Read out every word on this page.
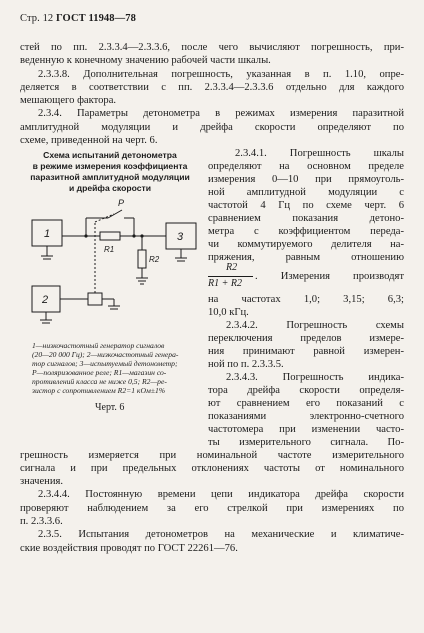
Стр. 12 ГОСТ 11948—78
стей по пп. 2.3.3.4—2.3.3.6, после чего вычисляют погрешность, при-
веденную к конечному значению рабочей части шкалы.
2.3.3.8. Дополнительная погрешность, указанная в п. 1.10, опре-
деляется в соответствии с пп. 2.3.3.4—2.3.3.6 отдельно для каждого
мешающего фактора.
2.3.4. Параметры детонометра в режимах измерения паразитной
амплитудной модуляции и дрейфа скорости определяют по
схеме, приведенной на черт. 6.
Схема испытаний детонометра
в режиме измерения коэффициента
паразитной амплитудной модуляции
и дрейфа скорости
1	3
2
P
R1
R2
1—низкочастотный генератор сигналов
(20—20 000 Гц); 2—низкочастотный генера-
тор сигналов; 3—испытуемый детонометр;
Р—поляризованное реле; R1—магазин со-
противлений класса не ниже 0,5; R2—ре-
зистор с сопротивлением R2=1 кОм±1%
Черт. 6
2.3.4.1. Погрешность шкалы
определяют на основном пределе
измерения 0—10 при прямоуголь-
ной амплитудной модуляции с
частотой 4 Гц по схеме черт. 6
сравнением показания детоно-
метра с коэффициентом переда-
чи коммутируемого делителя на-
пряжения, равным отношению
R2
R1 + R2
. Измерения производят
на частотах 1,0; 3,15; 6,3;
10,0 кГц.
2.3.4.2. Погрешность схемы
переключения пределов измере-
ния принимают равной измерен-
ной по п. 2.3.3.5.
2.3.4.3. Погрешность индика-
тора дрейфа скорости определя-
ют сравнением его показаний с
показаниями электронно-счетного
частотомера при изменении часто-
ты измерительного сигнала. По-
грешность измеряется при номинальной частоте измерительного
сигнала и при предельных отклонениях частоты от номинального
значения.
2.3.4.4. Постоянную времени цепи индикатора дрейфа скорости
проверяют наблюдением за его стрелкой при измерениях по
п. 2.3.3.6.
2.3.5. Испытания детонометров на механические и климатиче-
ские воздействия проводят по ГОСТ 22261—76.
